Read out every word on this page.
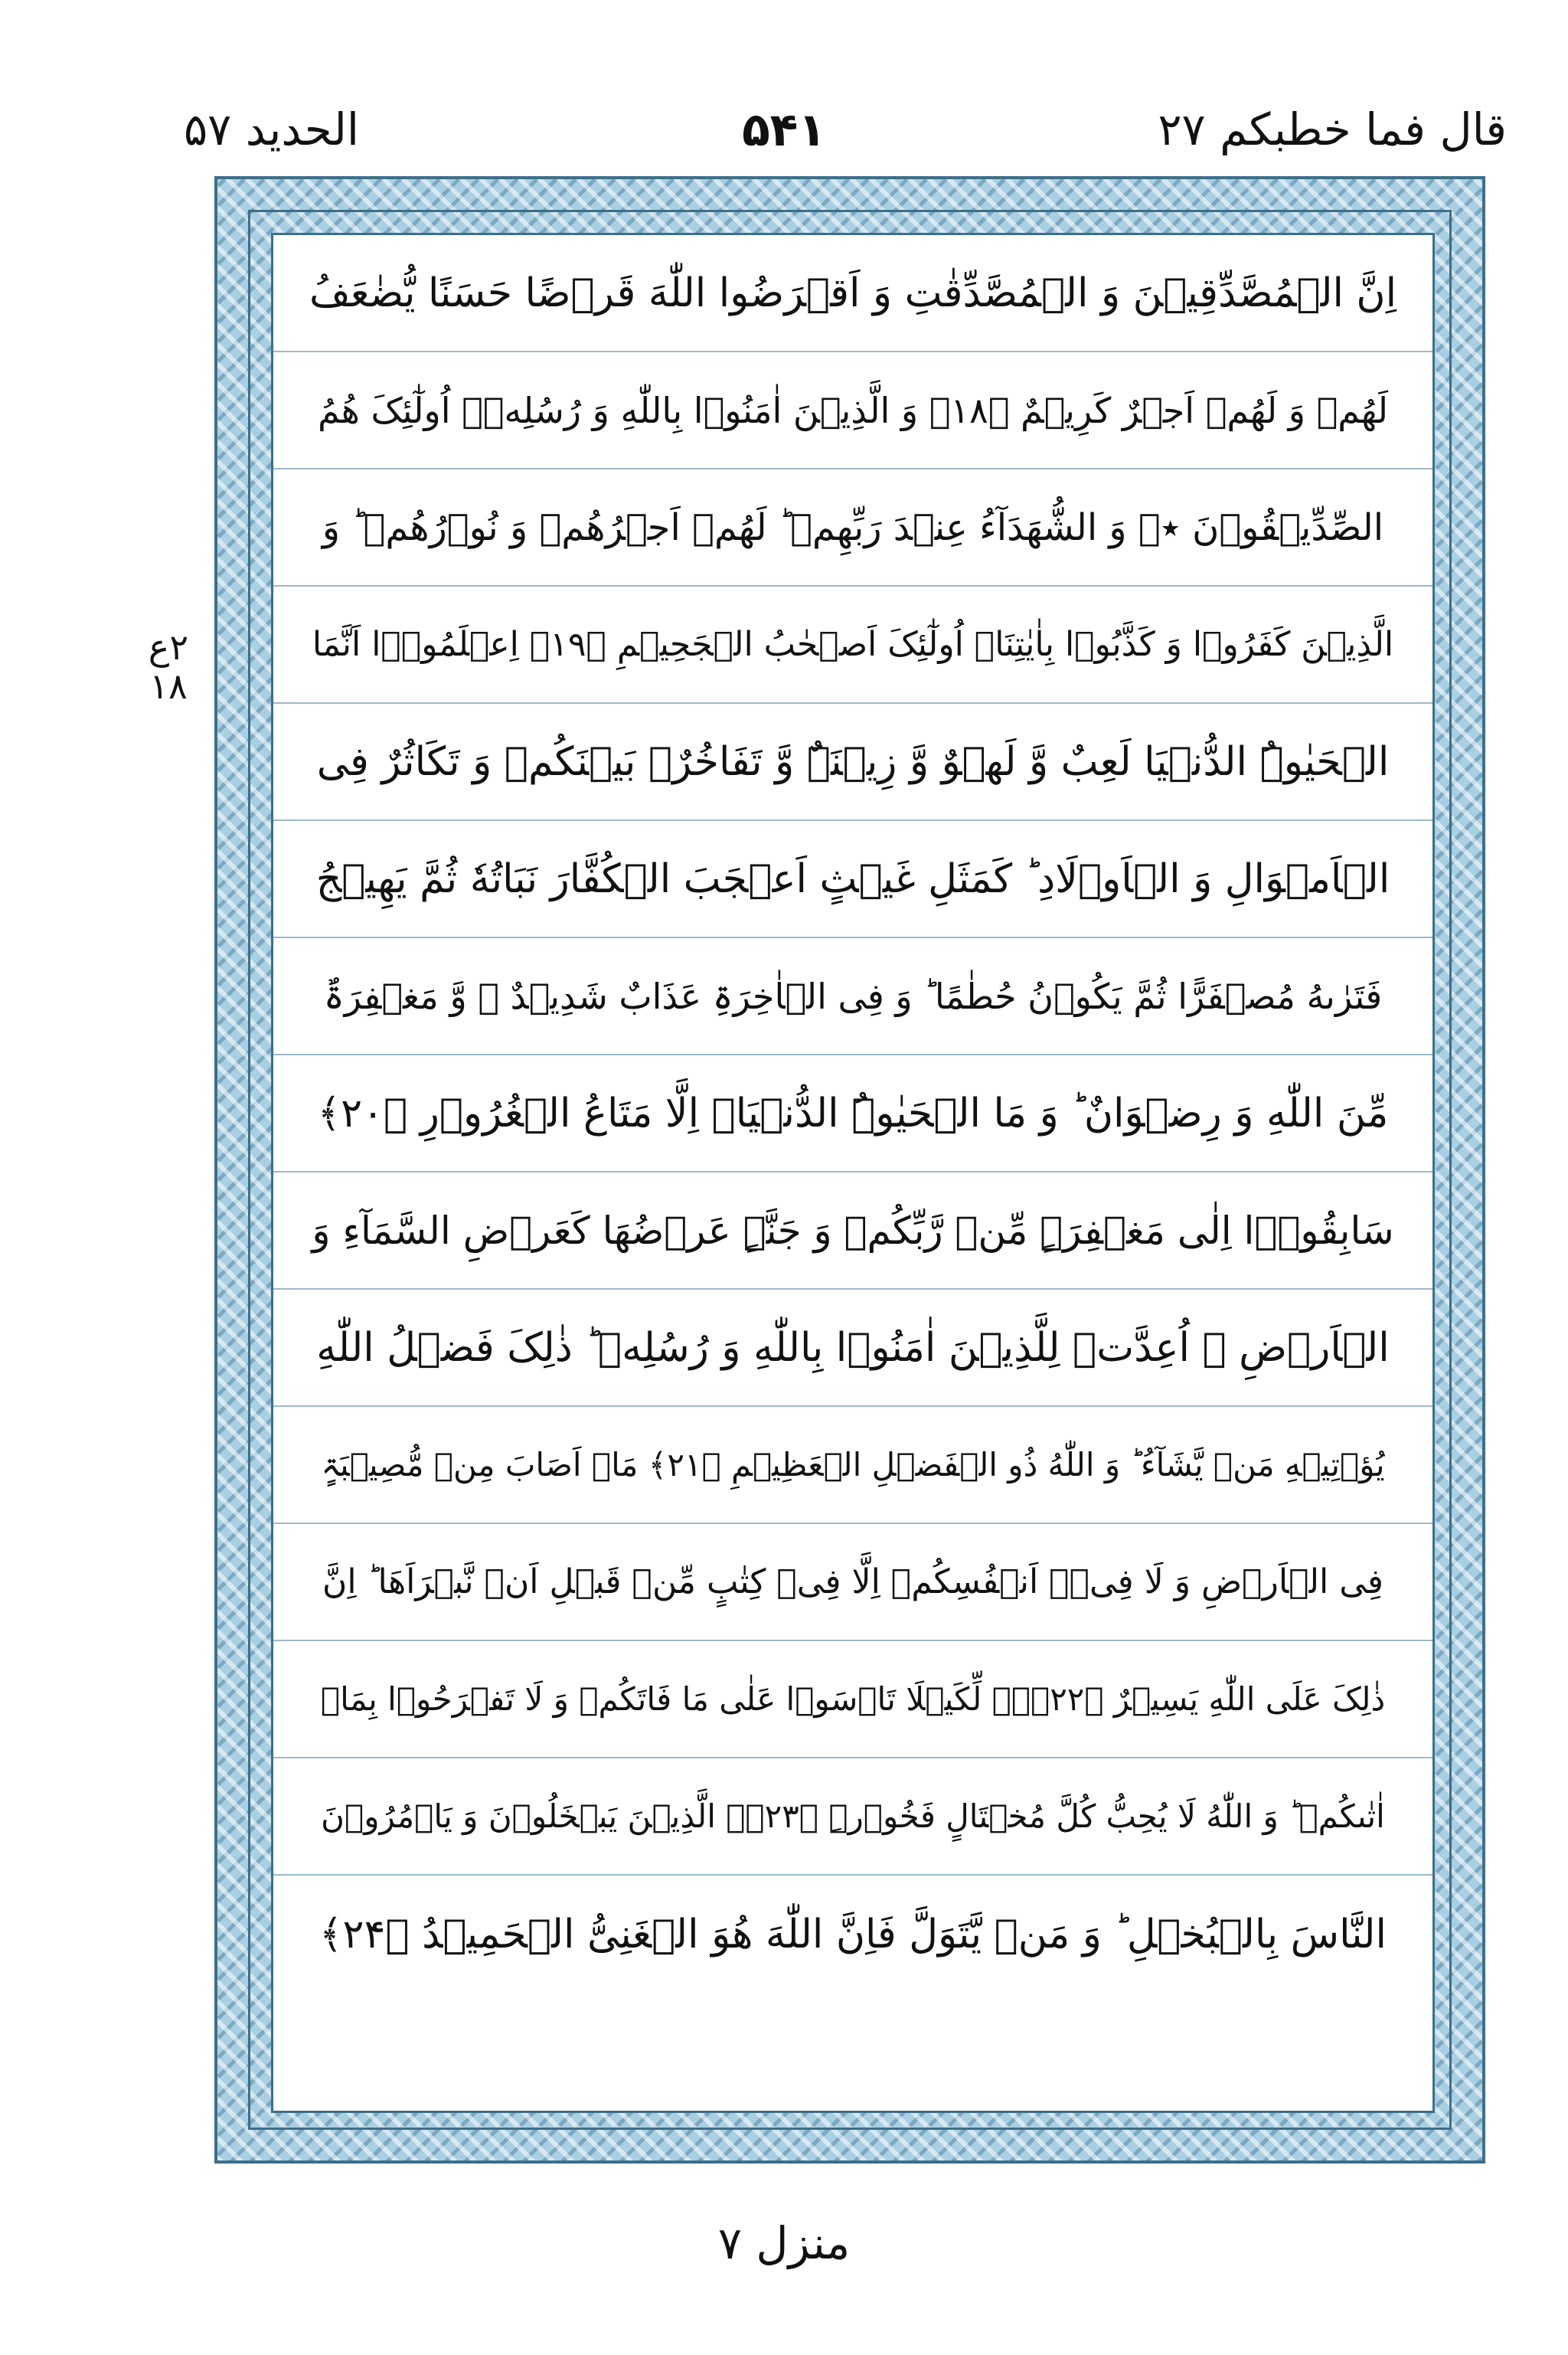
قال فما خطبكم ۲۷
۵۴۱
الحديد ۵۷
۲ع ۱۸
اِنَّ الۡمُصَّدِّقِیۡنَ وَ الۡمُصَّدِّقٰتِ وَ اَقۡرَضُوا اللّٰهَ قَرۡضًا حَسَنًا یُّضٰعَفُ
لَهُمۡ وَ لَهُمۡ اَجۡرٌ کَرِیۡمٌ ﴿۱۸﴾ وَ الَّذِیۡنَ اٰمَنُوۡا بِاللّٰهِ وَ رُسُلِهٖۤ اُولٰٓئِکَ هُمُ
الصِّدِّیۡقُوۡنَ ٭ۖ وَ الشُّهَدَآءُ عِنۡدَ رَبِّهِمۡ ؕ لَهُمۡ اَجۡرُهُمۡ وَ نُوۡرُهُمۡ ؕ وَ
الَّذِیۡنَ کَفَرُوۡا وَ کَذَّبُوۡا بِاٰیٰتِنَاۤ اُولٰٓئِکَ اَصۡحٰبُ الۡجَحِیۡمِ ﴿۱۹﴾ اِعۡلَمُوۡۤا اَنَّمَا
الۡحَیٰوۃُ الدُّنۡیَا لَعِبٌ وَّ لَهۡوٌ وَّ زِیۡنَۃٌ وَّ تَفَاخُرٌۢ بَیۡنَکُمۡ وَ تَکَاثُرٌ فِی
الۡاَمۡوَالِ وَ الۡاَوۡلَادِ ؕ کَمَثَلِ غَیۡثٍ اَعۡجَبَ الۡکُفَّارَ نَبَاتُهٗ ثُمَّ یَهِیۡجُ
فَتَرٰىهُ مُصۡفَرًّا ثُمَّ یَکُوۡنُ حُطٰمًا ؕ وَ فِی الۡاٰخِرَۃِ عَذَابٌ شَدِیۡدٌ ۙ وَّ مَغۡفِرَۃٌ
مِّنَ اللّٰهِ وَ رِضۡوَانٌ ؕ وَ مَا الۡحَیٰوۃُ الدُّنۡیَاۤ اِلَّا مَتَاعُ الۡغُرُوۡرِ ﴿۲۰﴾
سَابِقُوۡۤا اِلٰی مَغۡفِرَۃٍ مِّنۡ رَّبِّکُمۡ وَ جَنَّۃٍ عَرۡضُهَا کَعَرۡضِ السَّمَآءِ وَ
الۡاَرۡضِ ۙ اُعِدَّتۡ لِلَّذِیۡنَ اٰمَنُوۡا بِاللّٰهِ وَ رُسُلِهٖ ؕ ذٰلِکَ فَضۡلُ اللّٰهِ
یُؤۡتِیۡهِ مَنۡ یَّشَآءُ ؕ وَ اللّٰهُ ذُو الۡفَضۡلِ الۡعَظِیۡمِ ﴿۲۱﴾ مَاۤ اَصَابَ مِنۡ مُّصِیۡبَۃٍ
فِی الۡاَرۡضِ وَ لَا فِیۡۤ اَنۡفُسِکُمۡ اِلَّا فِیۡ کِتٰبٍ مِّنۡ قَبۡلِ اَنۡ نَّبۡرَاَهَا ؕ اِنَّ
ذٰلِکَ عَلَی اللّٰهِ یَسِیۡرٌ ﴿۲۲﴾ۚۖ لِّکَیۡلَا تَاۡسَوۡا عَلٰی مَا فَاتَکُمۡ وَ لَا تَفۡرَحُوۡا بِمَاۤ
اٰتٰىکُمۡ ؕ وَ اللّٰهُ لَا یُحِبُّ کُلَّ مُخۡتَالٍ فَخُوۡرِۣ ﴿۲۳﴾ۙ الَّذِیۡنَ یَبۡخَلُوۡنَ وَ یَاۡمُرُوۡنَ
النَّاسَ بِالۡبُخۡلِ ؕ وَ مَنۡ یَّتَوَلَّ فَاِنَّ اللّٰهَ هُوَ الۡغَنِیُّ الۡحَمِیۡدُ ﴿۲۴﴾
منزل ۷
